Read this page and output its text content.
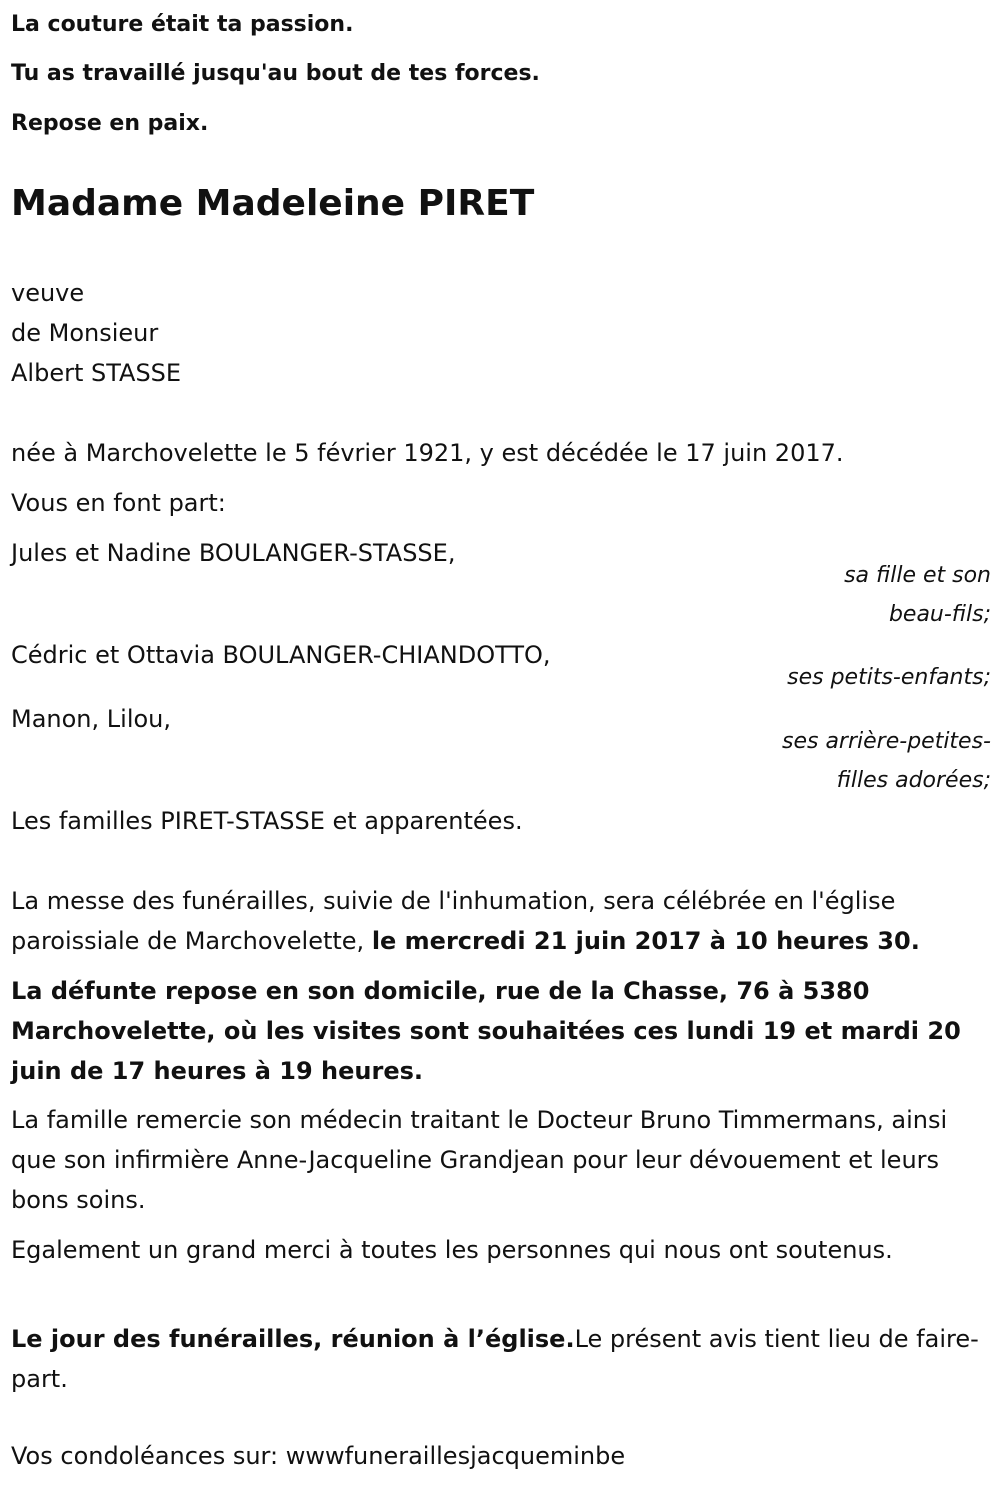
La couture était ta passion.
Tu as travaillé jusqu'au bout de tes forces.
Repose en paix.
Madame Madeleine PIRET
veuve
de Monsieur
Albert STASSE
née à Marchovelette le 5 février 1921, y est décédée le 17 juin 2017.
Vous en font part:
Jules et Nadine BOULANGER-STASSE,
sa fille et son
beau-fils;
Cédric et Ottavia BOULANGER-CHIANDOTTO,
ses petits-enfants;
Manon, Lilou,
ses arrière-petites-
filles adorées;
Les familles PIRET-STASSE et apparentées.
La messe des funérailles, suivie de l'inhumation, sera célébrée en l'église paroissiale de Marchovelette, le mercredi 21 juin 2017 à 10 heures 30.
La défunte repose en son domicile, rue de la Chasse, 76 à 5380 Marchovelette, où les visites sont souhaitées ces lundi 19 et mardi 20 juin de 17 heures à 19 heures.
La famille remercie son médecin traitant le Docteur Bruno Timmermans, ainsi que son infirmière Anne-Jacqueline Grandjean pour leur dévouement et leurs bons soins.
Egalement un grand merci à toutes les personnes qui nous ont soutenus.
Le jour des funérailles, réunion à l’église.Le présent avis tient lieu de faire-part.
Vos condoléances sur: wwwfuneraillesjacqueminbe
